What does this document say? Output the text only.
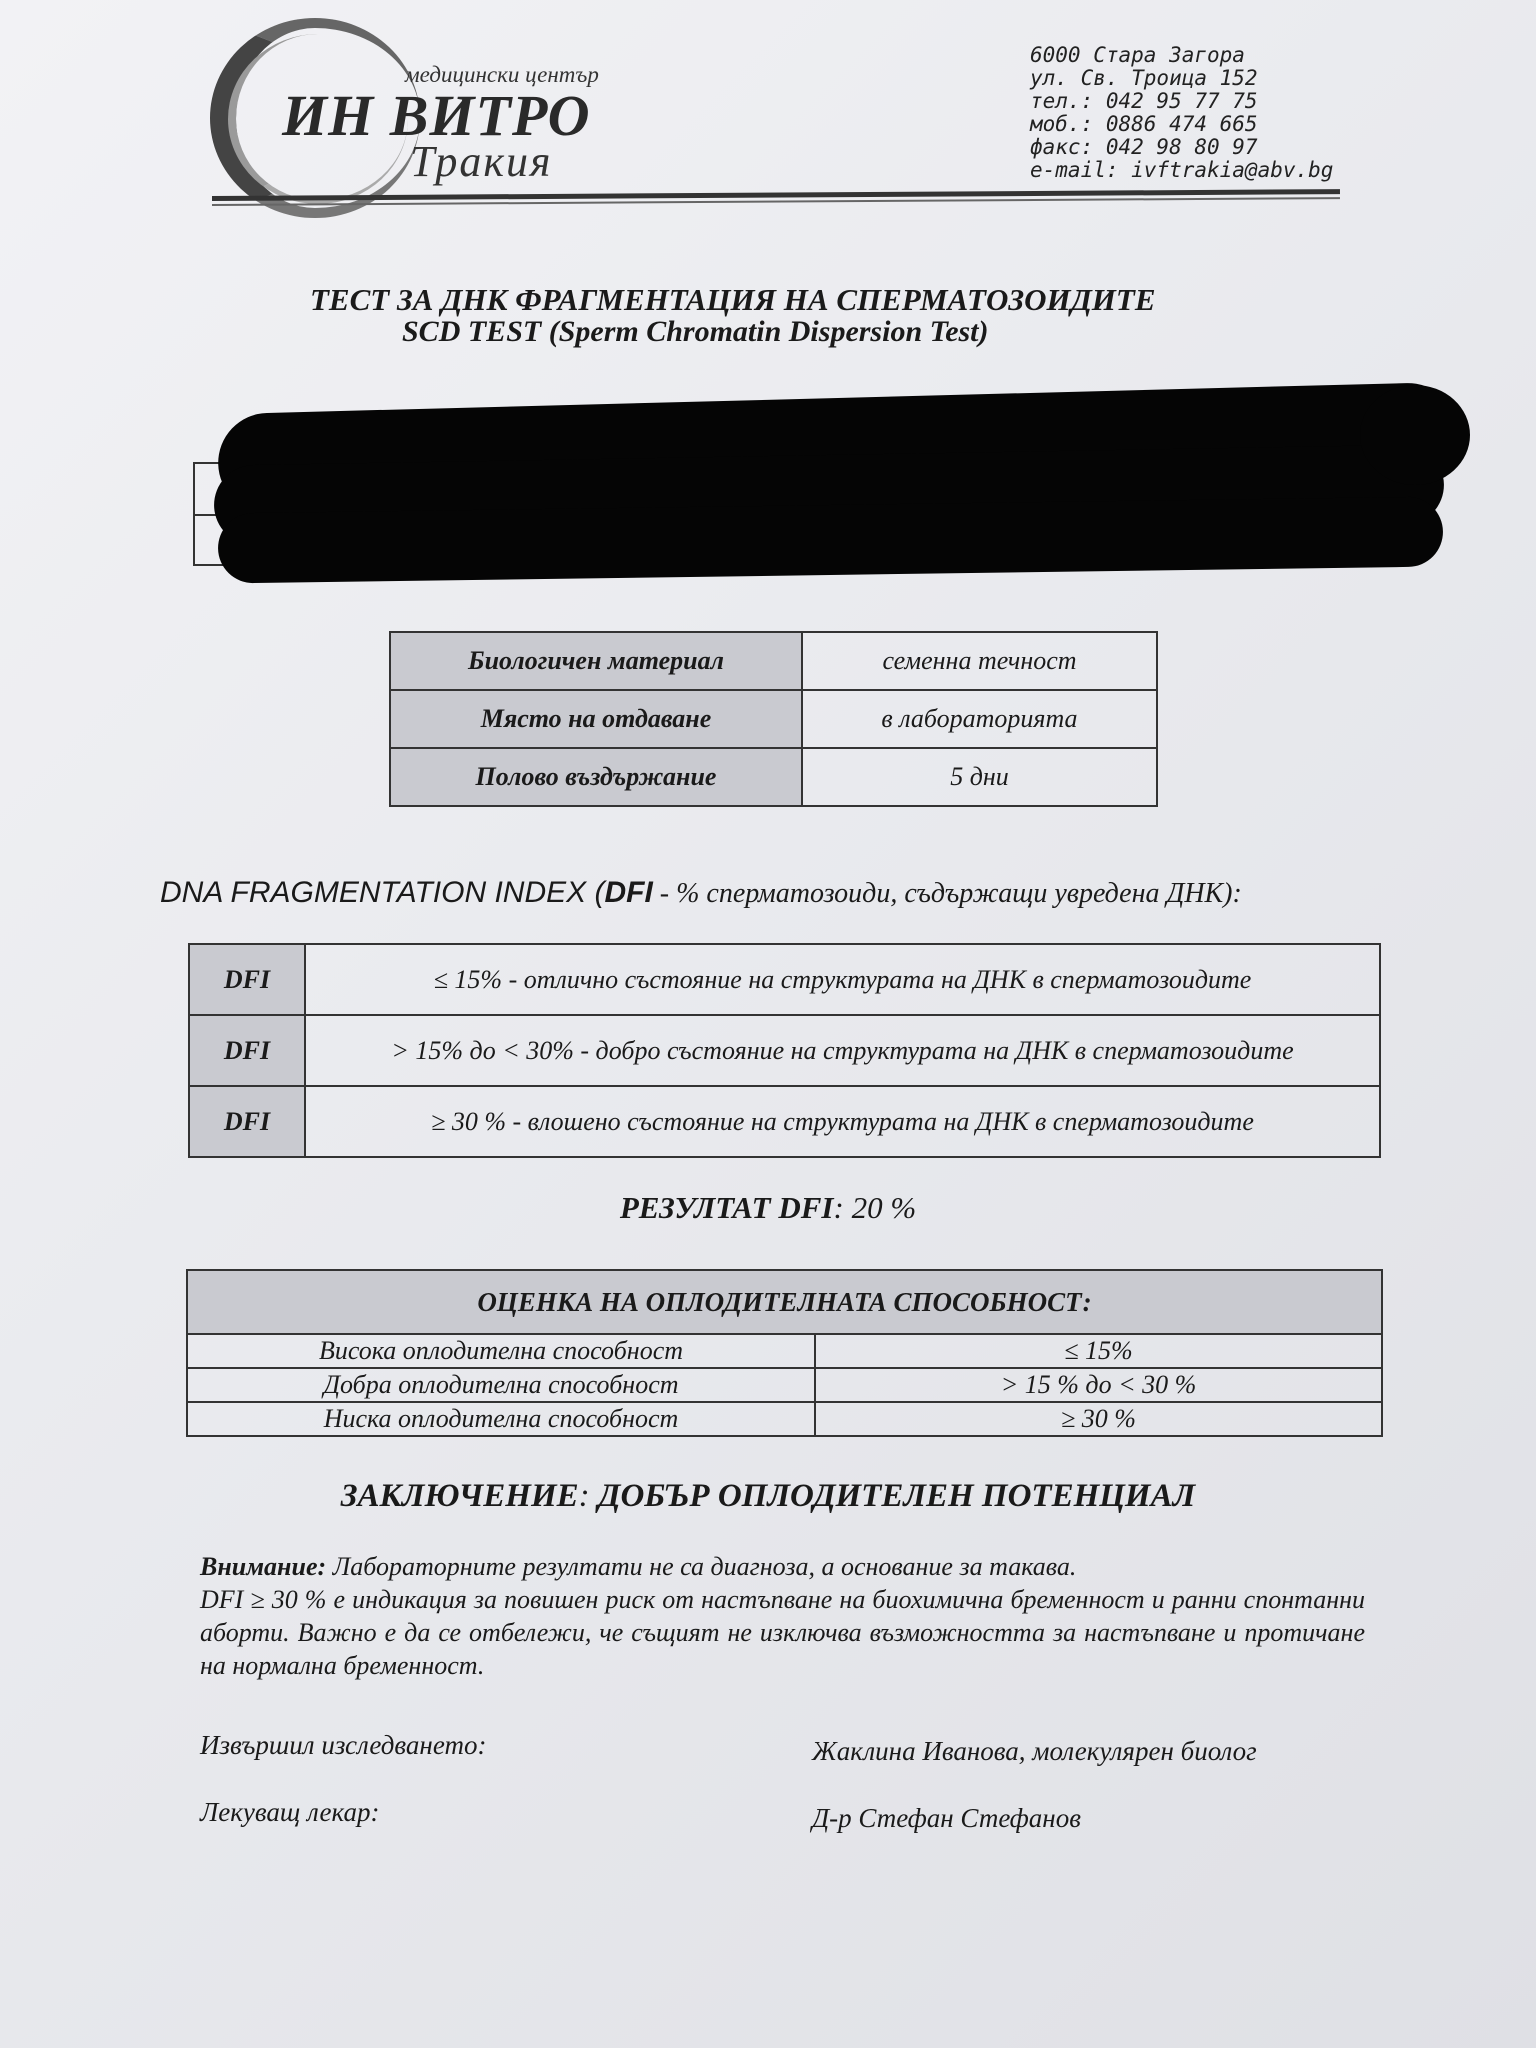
медицински център
ИН ВИТРО
Тракия
6000 Стара Загора
ул. Св. Троица 152
тел.: 042 95 77 75
моб.: 0886 474 665
факс: 042 98 80 97
e-mail: ivftrakia@abv.bg
ТЕСТ ЗА ДНК ФРАГМЕНТАЦИЯ НА СПЕРМАТОЗОИДИТЕ
SCD TEST (Sperm Chromatin Dispersion Test)
Биологичен материал	семенна течност
Място на отдаване	в лабораторията
Полово въздържание	5 дни
DNA FRAGMENTATION INDEX (DFI - % сперматозоиди, съдържащи увредена ДНК):
DFI	≤ 15% - отлично състояние на структурата на ДНК в сперматозоидите
DFI	> 15% до < 30% - добро състояние на структурата на ДНК в сперматозоидите
DFI	≥ 30 % - влошено състояние на структурата на ДНК в сперматозоидите
РЕЗУЛТАТ DFI: 20 %
ОЦЕНКА НА ОПЛОДИТЕЛНАТА СПОСОБНОСТ:	
Висока оплодителна способност	≤ 15%
Добра оплодителна способност	> 15 % до < 30 %
Ниска оплодителна способност	≥ 30 %
ЗАКЛЮЧЕНИЕ: ДОБЪР ОПЛОДИТЕЛЕН ПОТЕНЦИАЛ
Внимание: Лабораторните резултати не са диагноза, а основание за такава.
DFI ≥ 30 % е индикация за повишен риск от настъпване на биохимична бременност и ранни спонтанни аборти. Важно е да се отбележи, че същият не изключва възможността за настъпване и протичане на нормална бременност.
Извършил изследването:	Жаклина Иванова, молекулярен биолог
Лекуващ лекар:	Д-р Стефан Стефанов
